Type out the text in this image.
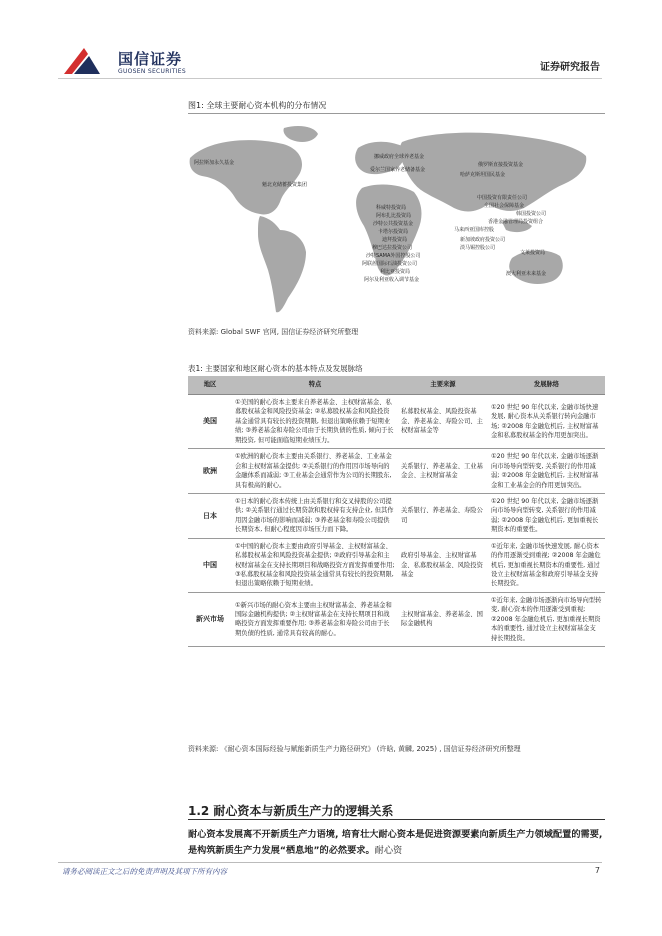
国信证券
GUOSEN SECURITIES	证券研究报告
图1: 全球主要耐心资本机构的分布情况
阿拉斯加永久基金
魁北克储蓄投资集团
挪威政府全球养老基金
爱尔兰国家养老储备基金
俄罗斯直接投资基金
哈萨克斯坦国民基金
中国投资有限责任公司
全国社会保障基金
韩国投资公司
香港金融管理局投资组合
马来西亚国库控股
新加坡政府投资公司
淡马锡控股公司
文莱投资局
澳大利亚未来基金
科威特投资局
阿布扎比投资局
沙特公共投资基金
卡塔尔投资局
迪拜投资局
穆巴达拉投资公司
沙特SAMA外国控股公司
阿联酋国际石油投资公司
利比亚投资局
阿尔及利亚收入调节基金
资料来源: Global SWF 官网, 国信证券经济研究所整理
表1: 主要国家和地区耐心资本的基本特点及发展脉络
地区	特点	主要来源	发展脉络
美国	①美国的耐心资本主要来自养老基金、主权财富基金、私募股权基金和风险投资基金; ②私募股权基金和风险投资基金通常具有较长的投资期限, 但退出策略依赖于短期业绩; ③养老基金和寿险公司由于长期负债的性质, 倾向于长期投资, 但可能面临短期业绩压力。	私募股权基金、风险投资基金、养老基金、寿险公司、主权财富基金等	①20 世纪 90 年代以来, 金融市场快速发展, 耐心资本从关系银行转向金融市场; ②2008 年金融危机后, 主权财富基金和私募股权基金的作用更加突出。
欧洲	①欧洲的耐心资本主要由关系银行、养老基金、工业基金会和主权财富基金提供; ②关系银行的作用因市场导向的金融体系而减弱; ③工业基金会通常作为公司的长期股东, 具有极高的耐心。	关系银行、养老基金、工业基金会、主权财富基金	①20 世纪 90 年代以来, 金融市场逐渐向市场导向型转变, 关系银行的作用减弱; ②2008 年金融危机后, 主权财富基金和工业基金会的作用更加突出。
日本	①日本的耐心资本传统上由关系银行和交叉持股的公司提供; ②关系银行通过长期贷款和股权持有支持企业, 但其作用因金融市场的影响而减弱; ③养老基金和寿险公司提供长期资本, 但耐心程度因市场压力而下降。	关系银行、养老基金、寿险公司	①20 世纪 90 年代以来, 金融市场逐渐向市场导向型转变, 关系银行的作用减弱; ②2008 年金融危机后, 更加重视长期资本的重要性。
中国	①中国的耐心资本主要由政府引导基金、主权财富基金、私募股权基金和风险投资基金提供; ②政府引导基金和主权财富基金在支持长期项目和战略投资方面发挥重要作用; ③私募股权基金和风险投资基金通常具有较长的投资期限, 但退出策略依赖于短期业绩。	政府引导基金、主权财富基金、私募股权基金、风险投资基金	①近年来, 金融市场快速发展, 耐心资本的作用逐渐受到重视; ②2008 年金融危机后, 更加重视长期资本的重要性, 通过设立主权财富基金和政府引导基金支持长期投资。
新兴市场	①新兴市场的耐心资本主要由主权财富基金、养老基金和国际金融机构提供; ②主权财富基金在支持长期项目和战略投资方面发挥重要作用; ③养老基金和寿险公司由于长期负债的性质, 通常具有较高的耐心。	主权财富基金、养老基金、国际金融机构	①近年来, 金融市场逐渐向市场导向型转变, 耐心资本的作用逐渐受到重视; ②2008 年金融危机后, 更加重视长期资本的重要性, 通过设立主权财富基金支持长期投资。
资料来源: 《耐心资本国际经验与赋能新质生产力路径研究》 (许晗, 黄麟, 2025) , 国信证券经济研究所整理
1.2 耐心资本与新质生产力的逻辑关系
耐心资本发展离不开新质生产力语境, 培育壮大耐心资本是促进资源要素向新质生产力领域配置的需要, 是构筑新质生产力发展“栖息地”的必然要求。耐心资
请务必阅读正文之后的免责声明及其项下所有内容	7
